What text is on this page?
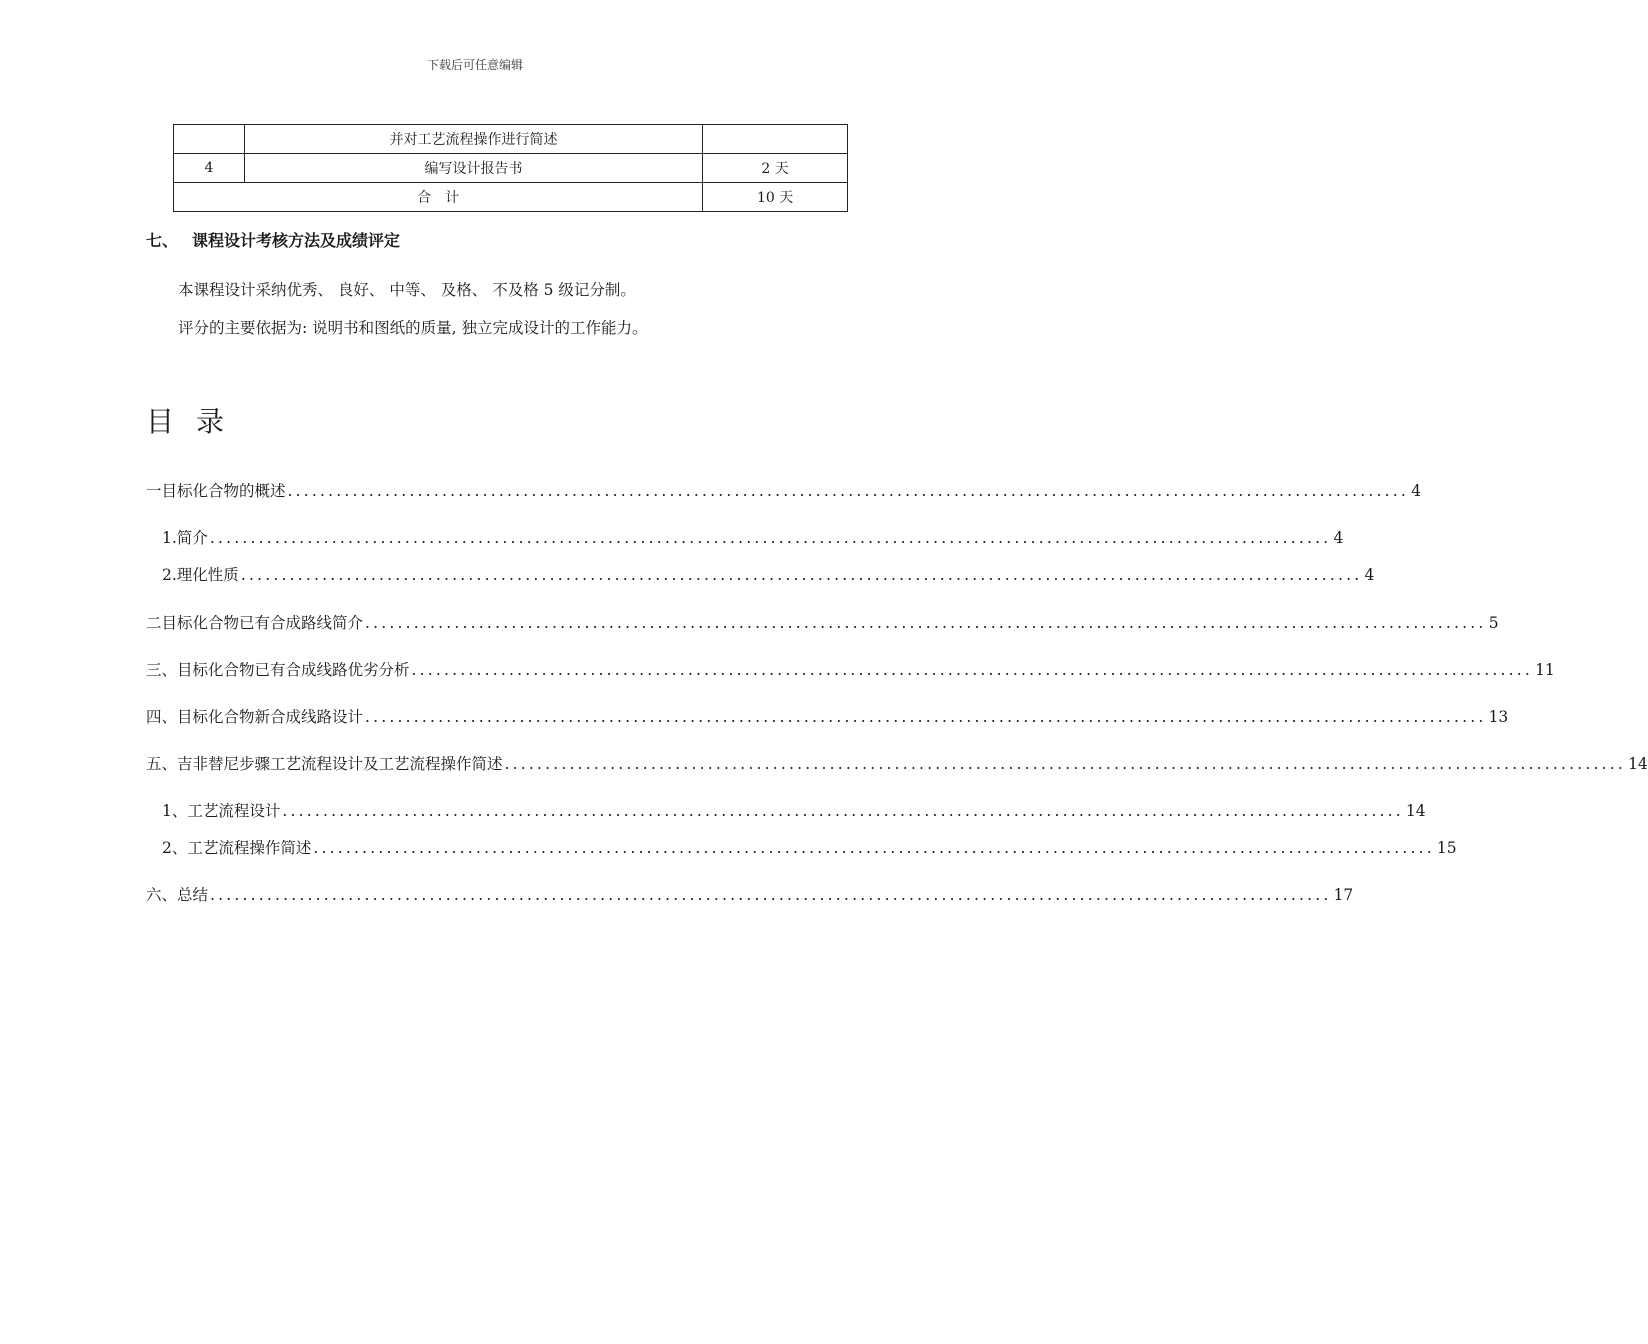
下载后可任意编辑
	并对工艺流程操作进行简述	
4	编写设计报告书	2 天
合　计		10 天
七、 课程设计考核方法及成绩评定
本课程设计采纳优秀、 良好、 中等、 及格、 不及格 5 级记分制。
评分的主要依据为: 说明书和图纸的质量, 独立完成设计的工作能力。
目录
一 目标化合物的概述 .......................................................................................................................................... 4
1. 简介 .......................................................................................................................................... 4
2. 理化性质 .......................................................................................................................................... 4
二 目标化合物已有合成路线简介 .......................................................................................................................................... 5
三、 目标化合物已有合成线路优劣分析 .......................................................................................................................................... 11
四、 目标化合物新合成线路设计 .......................................................................................................................................... 13
五、 吉非替尼步骤工艺流程设计及工艺流程操作简述 .......................................................................................................................................... 14
1、 工艺流程设计 .......................................................................................................................................... 14
2、 工艺流程操作简述 .......................................................................................................................................... 15
六、 总结 .......................................................................................................................................... 17
